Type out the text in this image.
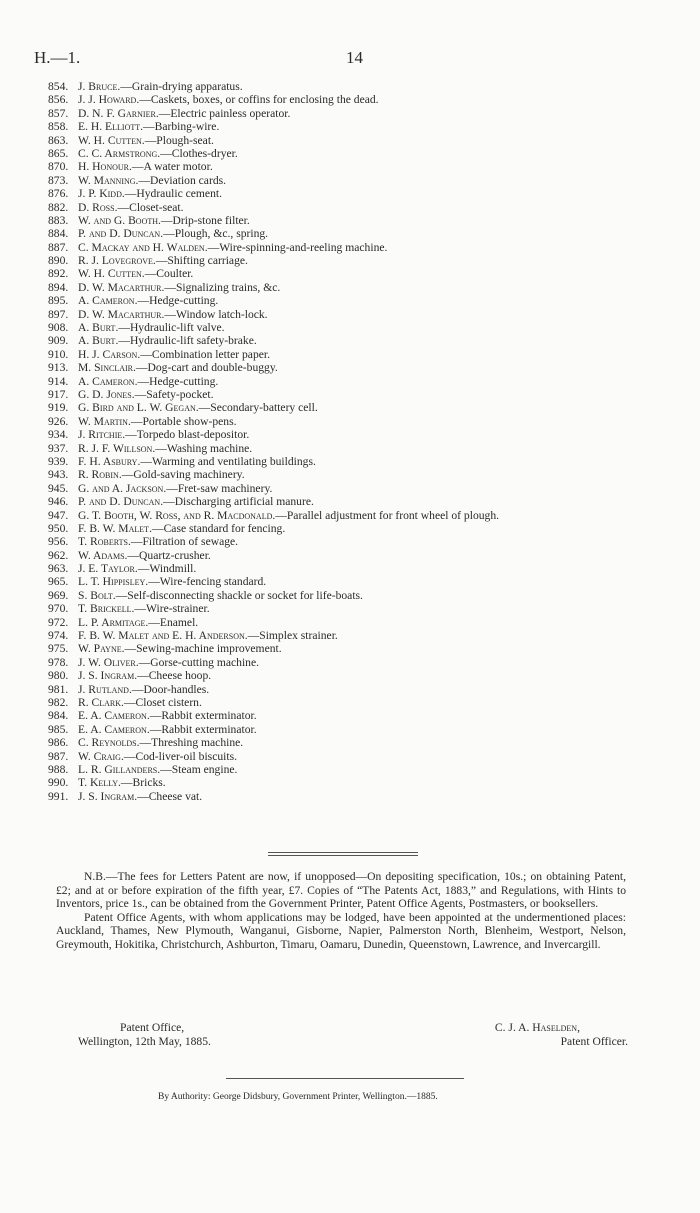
H.—1.	14
854. J. Bruce.—Grain-drying apparatus.
856. J. J. Howard.—Caskets, boxes, or coffins for enclosing the dead.
857. D. N. F. Garnier.—Electric painless operator.
858. E. H. Elliott.—Barbing-wire.
863. W. H. Cutten.—Plough-seat.
865. C. C. Armstrong.—Clothes-dryer.
870. H. Honour.—A water motor.
873. W. Manning.—Deviation cards.
876. J. P. Kidd.—Hydraulic cement.
882. D. Ross.—Closet-seat.
883. W. and G. Booth.—Drip-stone filter.
884. P. and D. Duncan.—Plough, &c., spring.
887. C. Mackay and H. Walden.—Wire-spinning-and-reeling machine.
890. R. J. Lovegrove.—Shifting carriage.
892. W. H. Cutten.—Coulter.
894. D. W. Macarthur.—Signalizing trains, &c.
895. A. Cameron.—Hedge-cutting.
897. D. W. Macarthur.—Window latch-lock.
908. A. Burt.—Hydraulic-lift valve.
909. A. Burt.—Hydraulic-lift safety-brake.
910. H. J. Carson.—Combination letter paper.
913. M. Sinclair.—Dog-cart and double-buggy.
914. A. Cameron.—Hedge-cutting.
917. G. D. Jones.—Safety-pocket.
919. G. Bird and L. W. Gegan.—Secondary-battery cell.
926. W. Martin.—Portable show-pens.
934. J. Ritchie.—Torpedo blast-depositor.
937. R. J. F. Willson.—Washing machine.
939. F. H. Asbury.—Warming and ventilating buildings.
943. R. Robin.—Gold-saving machinery.
945. G. and A. Jackson.—Fret-saw machinery.
946. P. and D. Duncan.—Discharging artificial manure.
947. G. T. Booth, W. Ross, and R. Macdonald.—Parallel adjustment for front wheel of plough.
950. F. B. W. Malet.—Case standard for fencing.
956. T. Roberts.—Filtration of sewage.
962. W. Adams.—Quartz-crusher.
963. J. E. Taylor.—Windmill.
965. L. T. Hippisley.—Wire-fencing standard.
969. S. Bolt.—Self-disconnecting shackle or socket for life-boats.
970. T. Brickell.—Wire-strainer.
972. L. P. Armitage.—Enamel.
974. F. B. W. Malet and E. H. Anderson.—Simplex strainer.
975. W. Payne.—Sewing-machine improvement.
978. J. W. Oliver.—Gorse-cutting machine.
980. J. S. Ingram.—Cheese hoop.
981. J. Rutland.—Door-handles.
982. R. Clark.—Closet cistern.
984. E. A. Cameron.—Rabbit exterminator.
985. E. A. Cameron.—Rabbit exterminator.
986. C. Reynolds.—Threshing machine.
987. W. Craig.—Cod-liver-oil biscuits.
988. L. R. Gillanders.—Steam engine.
990. T. Kelly.—Bricks.
991. J. S. Ingram.—Cheese vat.

N.B.—The fees for Letters Patent are now, if unopposed—On depositing specification, 10s.; on obtaining Patent, £2; and at or before expiration of the fifth year, £7. Copies of “The Patents Act, 1883,” and Regulations, with Hints to Inventors, price 1s., can be obtained from the Government Printer, Patent Office Agents, Postmasters, or booksellers.

Patent Office Agents, with whom applications may be lodged, have been appointed at the undermentioned places: Auckland, Thames, New Plymouth, Wanganui, Gisborne, Napier, Palmerston North, Blenheim, Westport, Nelson, Greymouth, Hokitika, Christchurch, Ashburton, Timaru, Oamaru, Dunedin, Queenstown, Lawrence, and Invercargill.

Patent Office,
Wellington, 12th May, 1885.
C. J. A. Haselden,
Patent Officer.
By Authority: George Didsbury, Government Printer, Wellington.—1885.
